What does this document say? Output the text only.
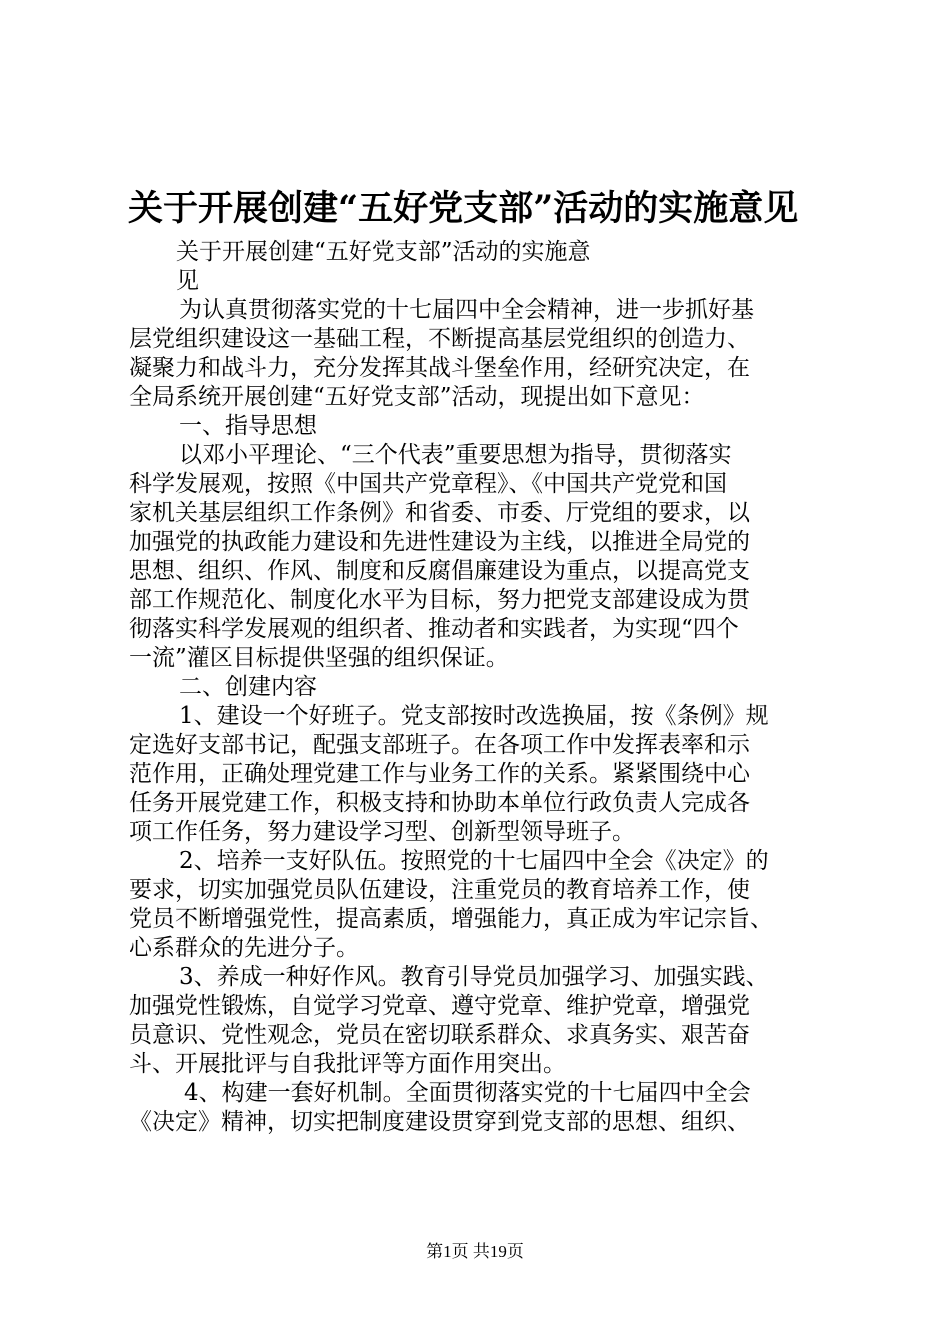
关于开展创建“五好党支部”活动的实施意见
关于开展创建“五好党支部”活动的实施意
见
为认真贯彻落实党的十七届四中全会精神，进一步抓好基
层党组织建设这一基础工程，不断提高基层党组织的创造力、
凝聚力和战斗力，充分发挥其战斗堡垒作用，经研究决定，在
全局系统开展创建“五好党支部”活动，现提出如下意见：
一、指导思想
以邓小平理论、“三个代表”重要思想为指导，贯彻落实
科学发展观，按照《中国共产党章程》、《中国共产党党和国
家机关基层组织工作条例》和省委、市委、厅党组的要求，以
加强党的执政能力建设和先进性建设为主线，以推进全局党的
思想、组织、作风、制度和反腐倡廉建设为重点，以提高党支
部工作规范化、制度化水平为目标，努力把党支部建设成为贯
彻落实科学发展观的组织者、推动者和实践者，为实现“四个
一流”灌区目标提供坚强的组织保证。
二、创建内容
1、建设一个好班子。党支部按时改选换届，按《条例》规
定选好支部书记，配强支部班子。在各项工作中发挥表率和示
范作用，正确处理党建工作与业务工作的关系。紧紧围绕中心
任务开展党建工作，积极支持和协助本单位行政负责人完成各
项工作任务，努力建设学习型、创新型领导班子。
2、培养一支好队伍。按照党的十七届四中全会《决定》的
要求，切实加强党员队伍建设，注重党员的教育培养工作，使
党员不断增强党性，提高素质，增强能力，真正成为牢记宗旨、
心系群众的先进分子。
3、养成一种好作风。教育引导党员加强学习、加强实践、
加强党性锻炼，自觉学习党章、遵守党章、维护党章，增强党
员意识、党性观念，党员在密切联系群众、求真务实、艰苦奋
斗、开展批评与自我批评等方面作用突出。
4、构建一套好机制。全面贯彻落实党的十七届四中全会
《决定》精神，切实把制度建设贯穿到党支部的思想、组织、
第1页 共19页
